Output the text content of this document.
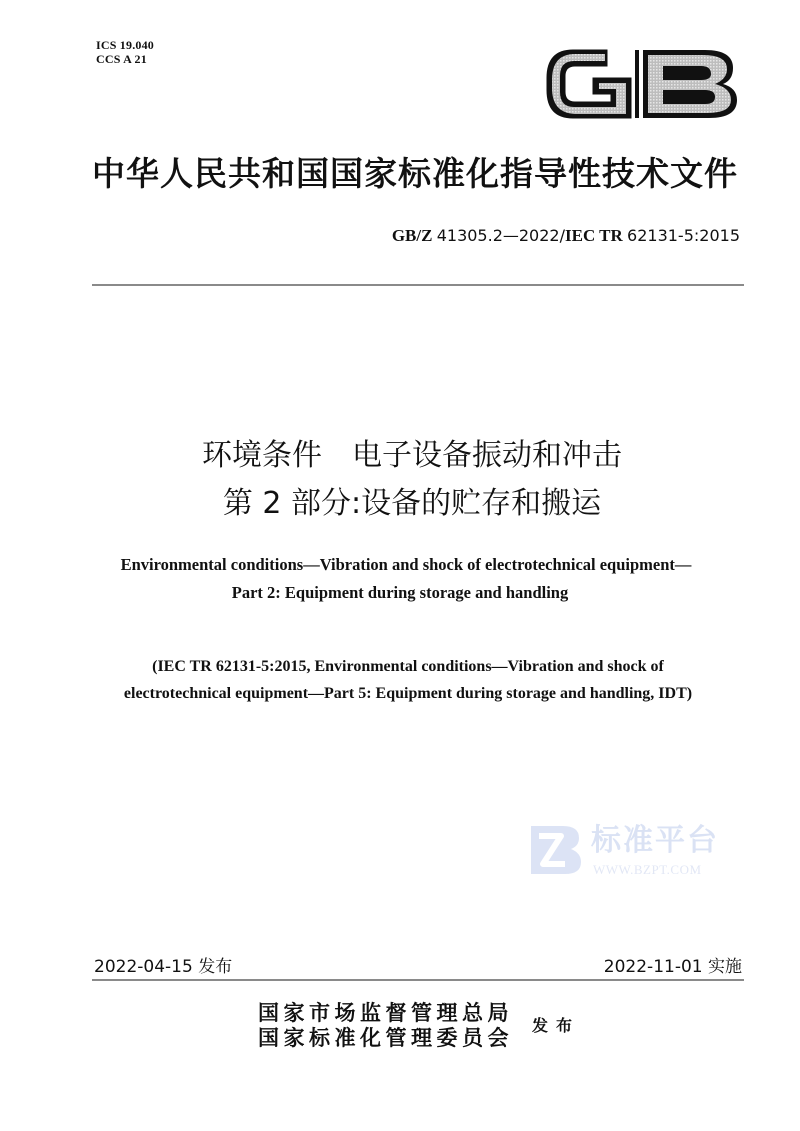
ICS 19.040
CCS A 21
中华人民共和国国家标准化指导性技术文件
GB/Z 41305.2—2022/IEC TR 62131-5:2015
环境条件　电子设备振动和冲击
第 2 部分:设备的贮存和搬运
Environmental conditions—Vibration and shock of electrotechnical equipment—
Part 2: Equipment during storage and handling
(IEC TR 62131-5:2015, Environmental conditions—Vibration and shock of
electrotechnical equipment—Part 5: Equipment during storage and handling, IDT)
标准平台
WWW.BZPT.COM
2022-04-15 发布	2022-11-01 实施
国家市场监督管理总局
国家标准化管理委员会 发布
